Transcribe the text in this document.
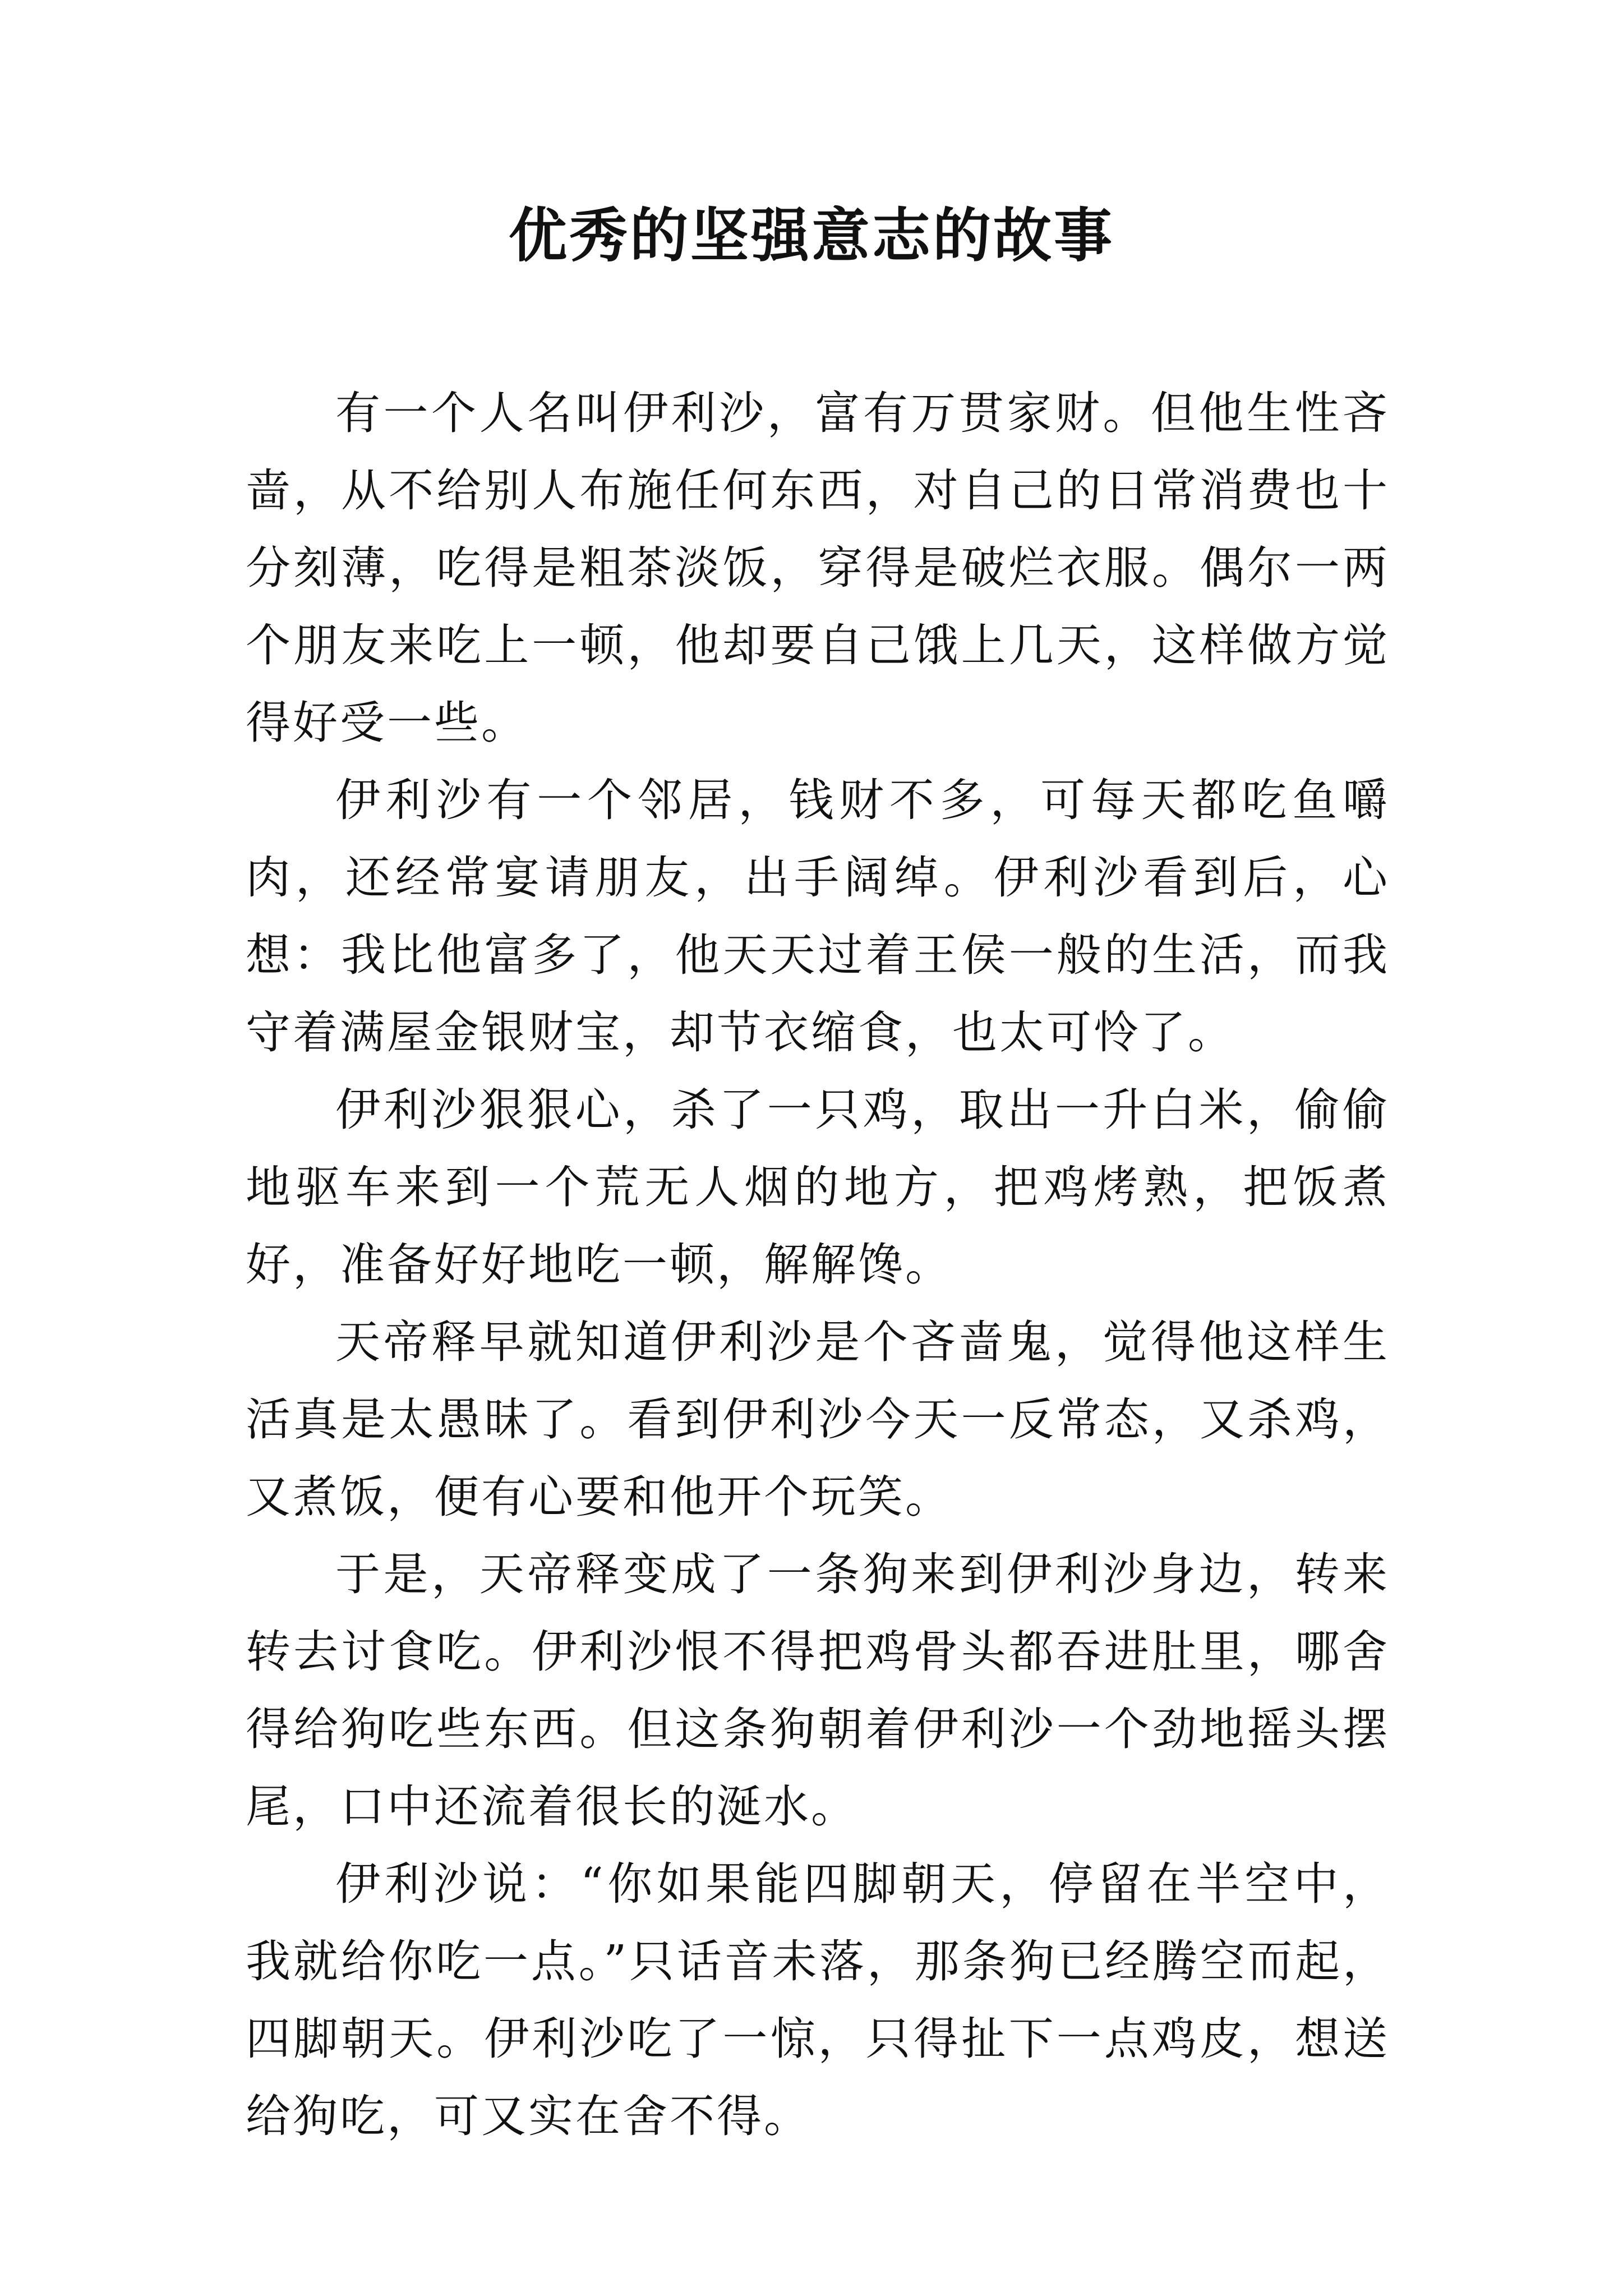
优秀的坚强意志的故事

有一个人名叫伊利沙，富有万贯家财。但他生性吝啬，从不给别人布施任何东西，对自己的日常消费也十分刻薄，吃得是粗茶淡饭，穿得是破烂衣服。偶尔一两个朋友来吃上一顿，他却要自己饿上几天，这样做方觉得好受一些。

伊利沙有一个邻居，钱财不多，可每天都吃鱼嚼肉，还经常宴请朋友，出手阔绰。伊利沙看到后，心想：我比他富多了，他天天过着王侯一般的生活，而我守着满屋金银财宝，却节衣缩食，也太可怜了。

伊利沙狠狠心，杀了一只鸡，取出一升白米，偷偷地驱车来到一个荒无人烟的地方，把鸡烤熟，把饭煮好，准备好好地吃一顿，解解馋。

天帝释早就知道伊利沙是个吝啬鬼，觉得他这样生活真是太愚昧了。看到伊利沙今天一反常态，又杀鸡，又煮饭，便有心要和他开个玩笑。

于是，天帝释变成了一条狗来到伊利沙身边，转来转去讨食吃。伊利沙恨不得把鸡骨头都吞进肚里，哪舍得给狗吃些东西。但这条狗朝着伊利沙一个劲地摇头摆尾，口中还流着很长的涎水。

伊利沙说：“你如果能四脚朝天，停留在半空中，我就给你吃一点。”只话音未落，那条狗已经腾空而起，四脚朝天。伊利沙吃了一惊，只得扯下一点鸡皮，想送给狗吃，可又实在舍不得。
